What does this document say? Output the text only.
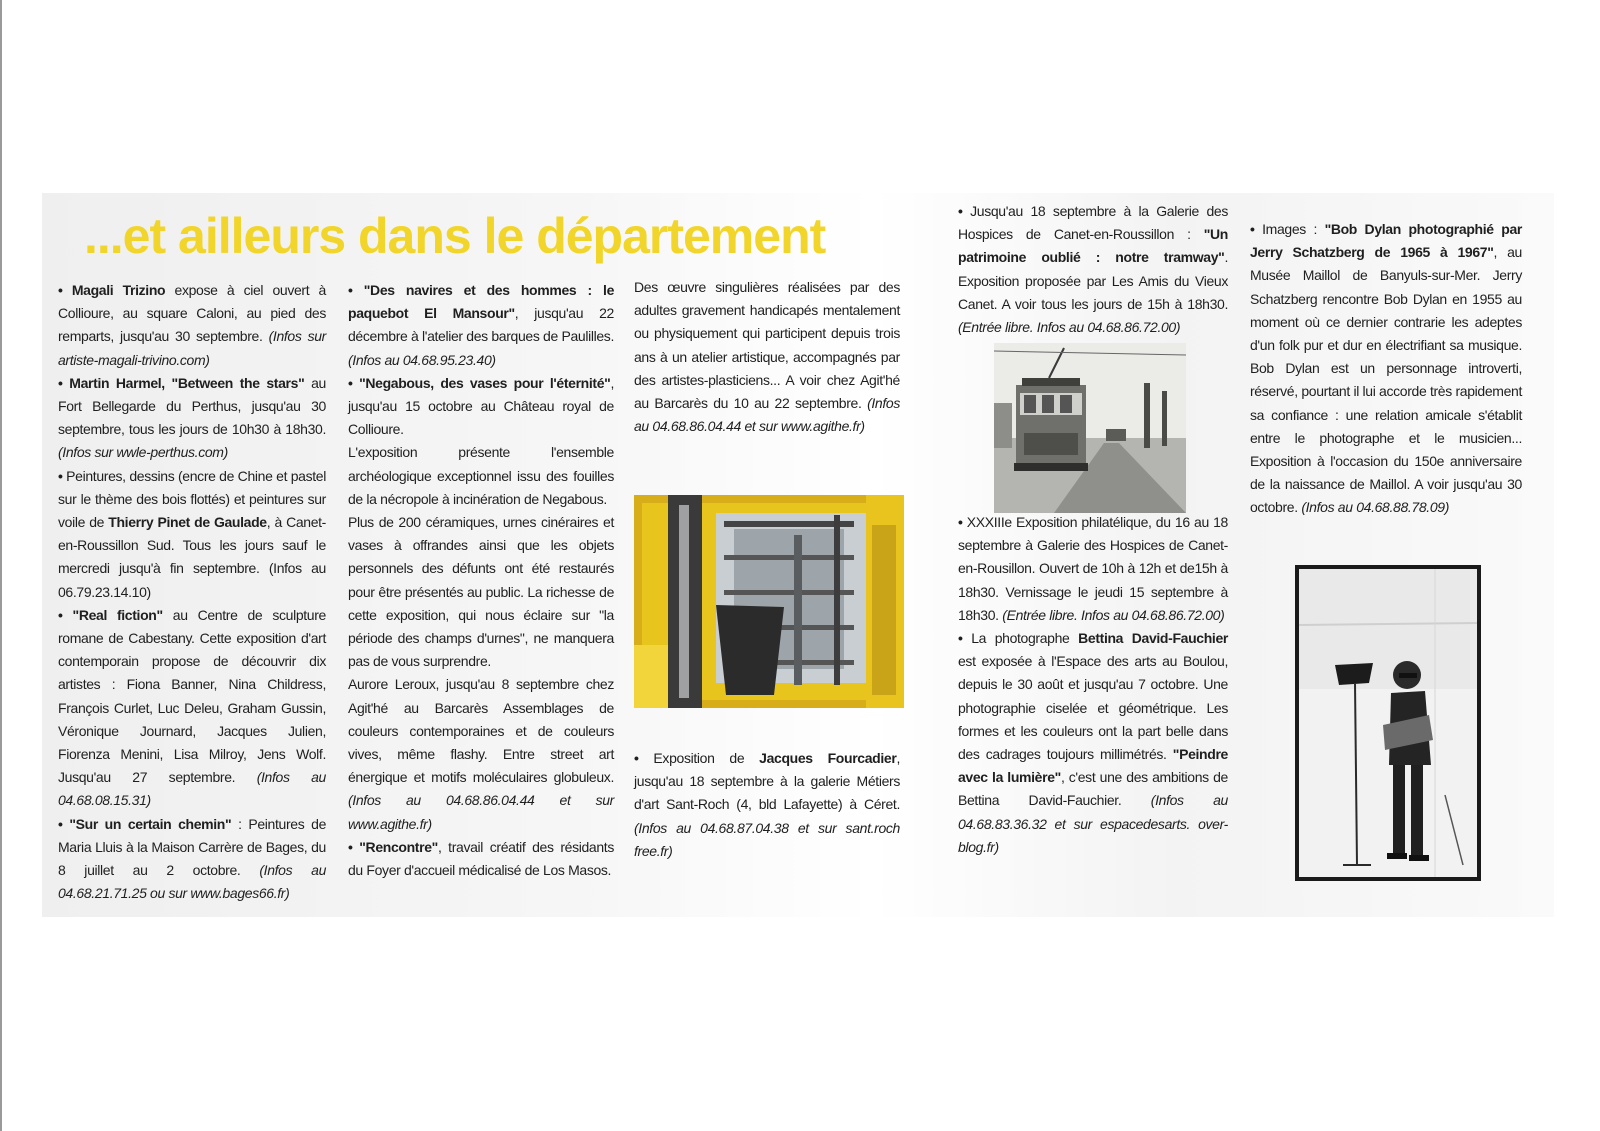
...et ailleurs dans le département

• Magali Trizino expose à ciel ouvert à Collioure, au square Caloni, au pied des remparts, jusqu'au 30 septembre. (Infos sur artiste-magali-trivino.com)

• Martin Harmel, "Between the stars" au Fort Bellegarde du Perthus, jusqu'au 30 septembre, tous les jours de 10h30 à 18h30. (Infos sur wwle-perthus.com)

• Peintures, dessins (encre de Chine et pastel sur le thème des bois flottés) et peintures sur voile de Thierry Pinet de Gaulade, à Canet-en-Roussillon Sud. Tous les jours sauf le mercredi jusqu'à fin septembre. (Infos au 06.79.23.14.10)

• "Real fiction" au Centre de sculpture romane de Cabestany. Cette exposition d'art contemporain propose de découvrir dix artistes : Fiona Banner, Nina Childress, François Curlet, Luc Deleu, Graham Gussin, Véronique Journard, Jacques Julien, Fiorenza Menini, Lisa Milroy, Jens Wolf. Jusqu'au 27 septembre. (Infos au 04.68.08.15.31)

• "Sur un certain chemin" : Peintures de Maria Lluis à la Maison Carrère de Bages, du 8 juillet au 2 octobre. (Infos au 04.68.21.71.25 ou sur www.bages66.fr)

• "Des navires et des hommes : le paquebot El Mansour", jusqu'au 22 décembre à l'atelier des barques de Paulilles. (Infos au 04.68.95.23.40)

• "Negabous, des vases pour l'éternité", jusqu'au 15 octobre au Château royal de Collioure.

L'exposition présente l'ensemble archéologique exceptionnel issu des fouilles de la nécropole à incinération de Negabous.

Plus de 200 céramiques, urnes cinéraires et vases à offrandes ainsi que les objets personnels des défunts ont été restaurés pour être présentés au public. La richesse de cette exposition, qui nous éclaire sur "la période des champs d'urnes", ne manquera pas de vous surprendre.

Aurore Leroux, jusqu'au 8 septembre chez Agit'hé au Barcarès Assemblages de couleurs contemporaines et de couleurs vives, même flashy. Entre street art énergique et motifs moléculaires globuleux. (Infos au 04.68.86.04.44 et sur www.agithe.fr)

• "Rencontre", travail créatif des résidants du Foyer d'accueil médicalisé de Los Masos.

Des œuvre singulières réalisées par des adultes gravement handicapés mentalement ou physiquement qui participent depuis trois ans à un atelier artistique, accompagnés par des artistes-plasticiens... A voir chez Agit'hé au Barcarès du 10 au 22 septembre. (Infos au 04.68.86.04.44 et sur www.agithe.fr)

• Exposition de Jacques Fourcadier, jusqu'au 18 septembre à la galerie Métiers d'art Sant-Roch (4, bld Lafayette) à Céret. (Infos au 04.68.87.04.38 et sur sant.roch free.fr)

• Jusqu'au 18 septembre à la Galerie des Hospices de Canet-en-Roussillon : "Un patrimoine oublié : notre tramway". Exposition proposée par Les Amis du Vieux Canet. A voir tous les jours de 15h à 18h30. (Entrée libre. Infos au 04.68.86.72.00)

• XXXIIIe Exposition philatélique, du 16 au 18 septembre à Galerie des Hospices de Canet-en-Rousillon. Ouvert de 10h à 12h et de15h à 18h30. Vernissage le jeudi 15 septembre à 18h30. (Entrée libre. Infos au 04.68.86.72.00)

• La photographe Bettina David-Fauchier est exposée à l'Espace des arts au Boulou, depuis le 30 août et jusqu'au 7 octobre. Une photographie ciselée et géométrique. Les formes et les couleurs ont la part belle dans des cadrages toujours millimétrés. "Peindre avec la lumière", c'est une des ambitions de Bettina David-Fauchier. (Infos au 04.68.83.36.32 et sur espacedesarts. over-blog.fr)

• Images : "Bob Dylan photographié par Jerry Schatzberg de 1965 à 1967", au Musée Maillol de Banyuls-sur-Mer. Jerry Schatzberg rencontre Bob Dylan en 1955 au moment où ce dernier contrarie les adeptes d'un folk pur et dur en électrifiant sa musique. Bob Dylan est un personnage introverti, réservé, pourtant il lui accorde très rapidement sa confiance : une relation amicale s'établit entre le photographe et le musicien... Exposition à l'occasion du 150e anniversaire de la naissance de Maillol. A voir jusqu'au 30 octobre. (Infos au 04.68.88.78.09)
